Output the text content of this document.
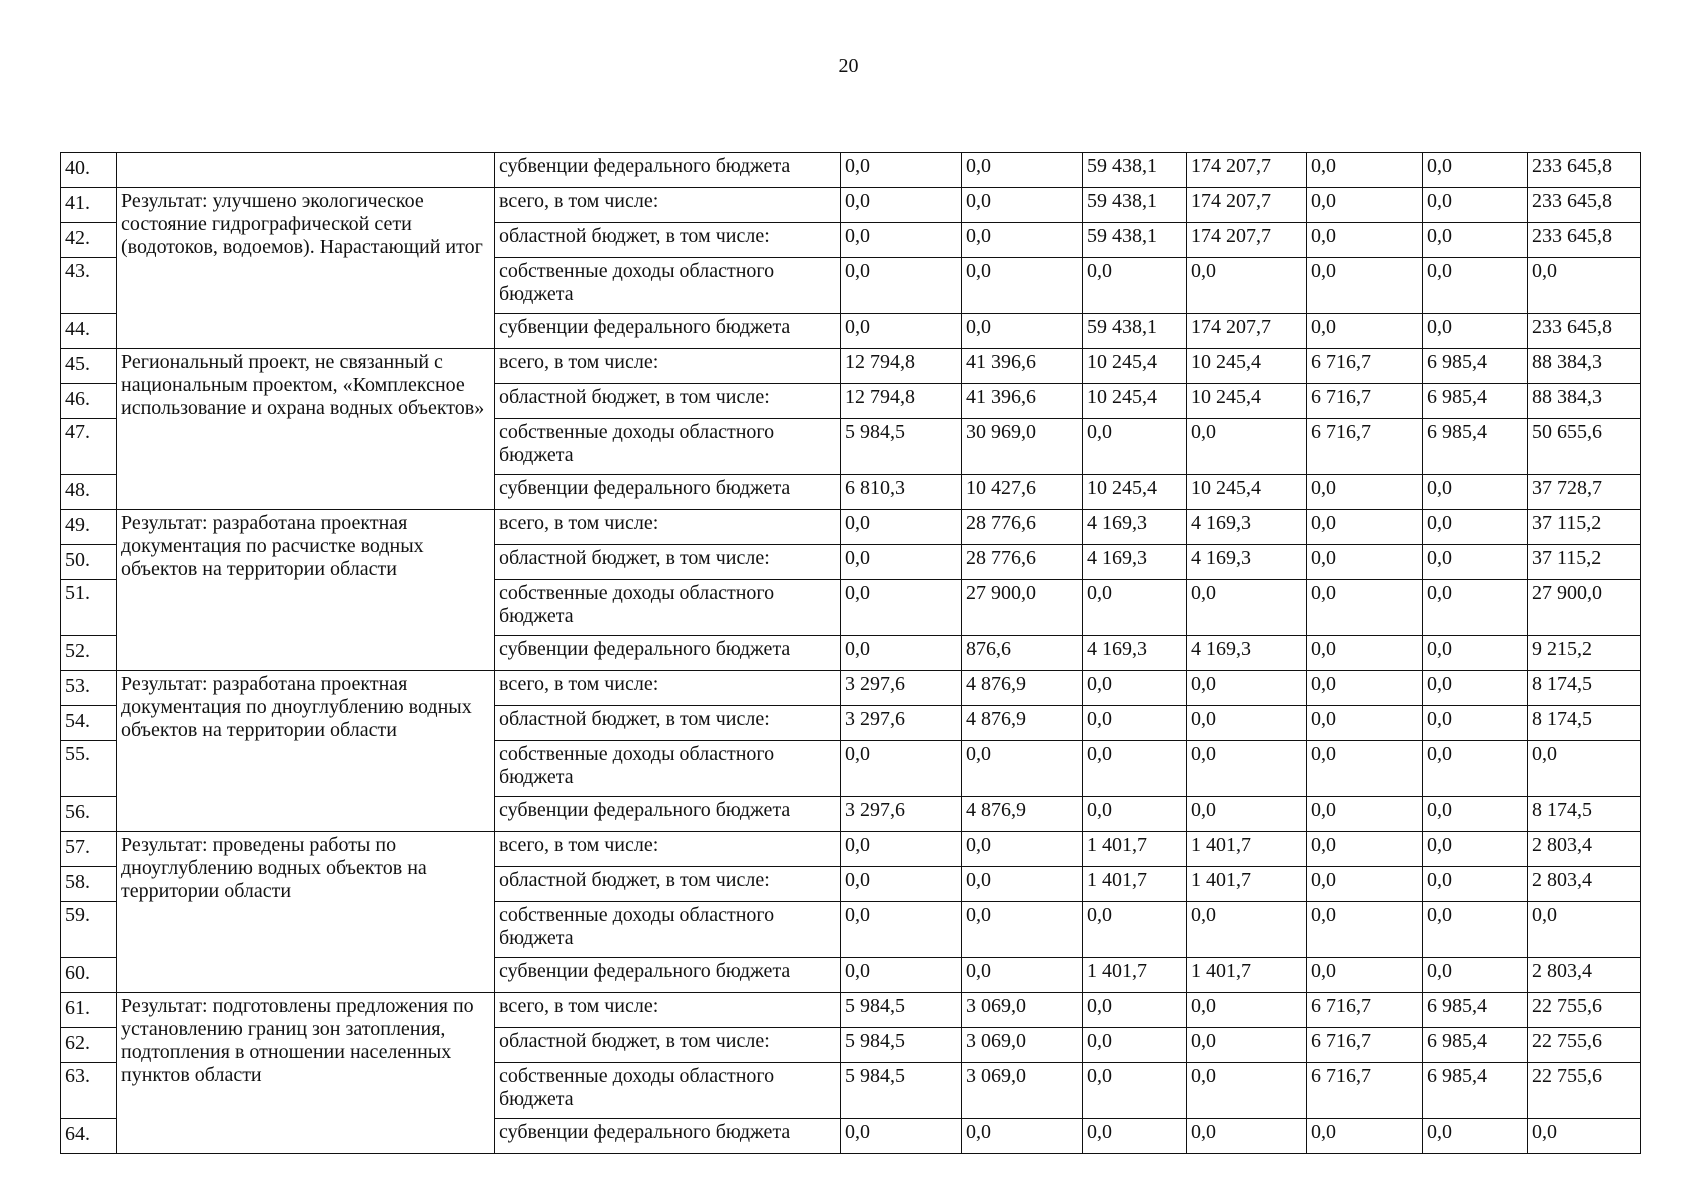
20
40.		субвенции федерального бюджета	0,0	0,0	59 438,1	174 207,7	0,0	0,0	233 645,8
41.	Результат: улучшено экологическое состояние гидрографической сети (водотоков, водоемов). Нарастающий итог	всего, в том числе:	0,0	0,0	59 438,1	174 207,7	0,0	0,0	233 645,8
42.		областной бюджет, в том числе:	0,0	0,0	59 438,1	174 207,7	0,0	0,0	233 645,8
43.		собственные доходы областного бюджета	0,0	0,0	0,0	0,0	0,0	0,0	0,0
44.		субвенции федерального бюджета	0,0	0,0	59 438,1	174 207,7	0,0	0,0	233 645,8
45.	Региональный проект, не связанный с национальным проектом, «Комплексное использование и охрана водных объектов»	всего, в том числе:	12 794,8	41 396,6	10 245,4	10 245,4	6 716,7	6 985,4	88 384,3
46.		областной бюджет, в том числе:	12 794,8	41 396,6	10 245,4	10 245,4	6 716,7	6 985,4	88 384,3
47.		собственные доходы областного бюджета	5 984,5	30 969,0	0,0	0,0	6 716,7	6 985,4	50 655,6
48.		субвенции федерального бюджета	6 810,3	10 427,6	10 245,4	10 245,4	0,0	0,0	37 728,7
49.	Результат: разработана проектная документация по расчистке водных объектов на территории области	всего, в том числе:	0,0	28 776,6	4 169,3	4 169,3	0,0	0,0	37 115,2
50.		областной бюджет, в том числе:	0,0	28 776,6	4 169,3	4 169,3	0,0	0,0	37 115,2
51.		собственные доходы областного бюджета	0,0	27 900,0	0,0	0,0	0,0	0,0	27 900,0
52.		субвенции федерального бюджета	0,0	876,6	4 169,3	4 169,3	0,0	0,0	9 215,2
53.	Результат: разработана проектная документация по дноуглублению водных объектов на территории области	всего, в том числе:	3 297,6	4 876,9	0,0	0,0	0,0	0,0	8 174,5
54.		областной бюджет, в том числе:	3 297,6	4 876,9	0,0	0,0	0,0	0,0	8 174,5
55.		собственные доходы областного бюджета	0,0	0,0	0,0	0,0	0,0	0,0	0,0
56.		субвенции федерального бюджета	3 297,6	4 876,9	0,0	0,0	0,0	0,0	8 174,5
57.	Результат: проведены работы по дноуглублению водных объектов на территории области	всего, в том числе:	0,0	0,0	1 401,7	1 401,7	0,0	0,0	2 803,4
58.		областной бюджет, в том числе:	0,0	0,0	1 401,7	1 401,7	0,0	0,0	2 803,4
59.		собственные доходы областного бюджета	0,0	0,0	0,0	0,0	0,0	0,0	0,0
60.		субвенции федерального бюджета	0,0	0,0	1 401,7	1 401,7	0,0	0,0	2 803,4
61.	Результат: подготовлены предложения по установлению границ зон затопления, подтопления в отношении населенных пунктов области	всего, в том числе:	5 984,5	3 069,0	0,0	0,0	6 716,7	6 985,4	22 755,6
62.		областной бюджет, в том числе:	5 984,5	3 069,0	0,0	0,0	6 716,7	6 985,4	22 755,6
63.		собственные доходы областного бюджета	5 984,5	3 069,0	0,0	0,0	6 716,7	6 985,4	22 755,6
64.		субвенции федерального бюджета	0,0	0,0	0,0	0,0	0,0	0,0	0,0
